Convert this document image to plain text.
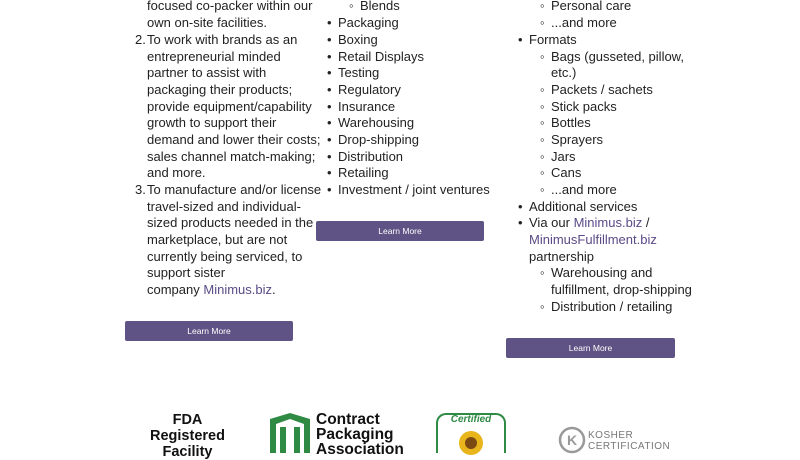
focused co-packer within our
own on-site facilities.
2. To work with brands as an
entrepreneurial minded
partner to assist with
packaging their products;
provide equipment/capability
growth to support their
demand and lower their costs;
sales channel match-making;
and more.
3. To manufacture and/or license
travel-sized and individual-
sized products needed in the
marketplace, but are not
currently being serviced, to
support sister
company Minimus.biz.
Learn More
◦ Blends
• Packaging
• Boxing
• Retail Displays
• Testing
• Regulatory
• Insurance
• Warehousing
• Drop-shipping
• Distribution
• Retailing
• Investment / joint ventures
Learn More
◦ Personal care
◦ ...and more
• Formats
◦ Bags (gusseted, pillow,
etc.)
◦ Packets / sachets
◦ Stick packs
◦ Bottles
◦ Sprayers
◦ Jars
◦ Cans
◦ ...and more
• Additional services
• Via our Minimus.biz /
MinimusFulfillment.biz
partnership
◦ Warehousing and
fulfillment, drop-shipping
◦ Distribution / retailing
Learn More
FDA Registered
Facility
Contract
Packaging
Association
Certified
K KOSHER
CERTIFICATION
